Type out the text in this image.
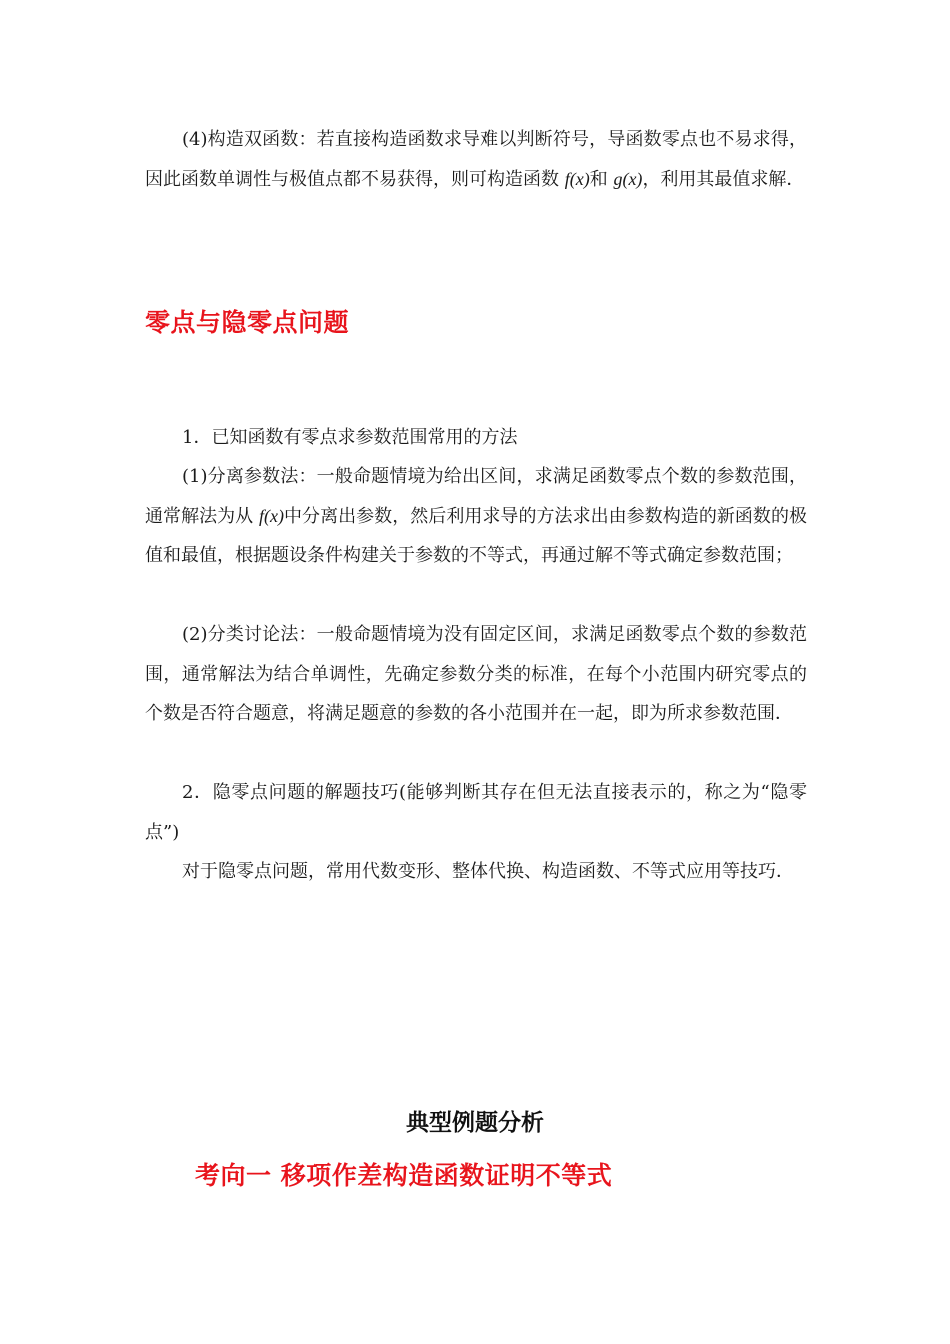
(4)构造双函数：若直接构造函数求导难以判断符号，导函数零点也不易求得，因此函数单调性与极值点都不易获得，则可构造函数 f(x)和 g(x)，利用其最值求解．

零点与隐零点问题

1．已知函数有零点求参数范围常用的方法

(1)分离参数法：一般命题情境为给出区间，求满足函数零点个数的参数范围，通常解法为从 f(x)中分离出参数，然后利用求导的方法求出由参数构造的新函数的极值和最值，根据题设条件构建关于参数的不等式，再通过解不等式确定参数范围；

(2)分类讨论法：一般命题情境为没有固定区间，求满足函数零点个数的参数范围，通常解法为结合单调性，先确定参数分类的标准，在每个小范围内研究零点的个数是否符合题意，将满足题意的参数的各小范围并在一起，即为所求参数范围．

2．隐零点问题的解题技巧(能够判断其存在但无法直接表示的，称之为“隐零点”)

对于隐零点问题，常用代数变形、整体代换、构造函数、不等式应用等技巧．

典型例题分析
考向一 移项作差构造函数证明不等式
